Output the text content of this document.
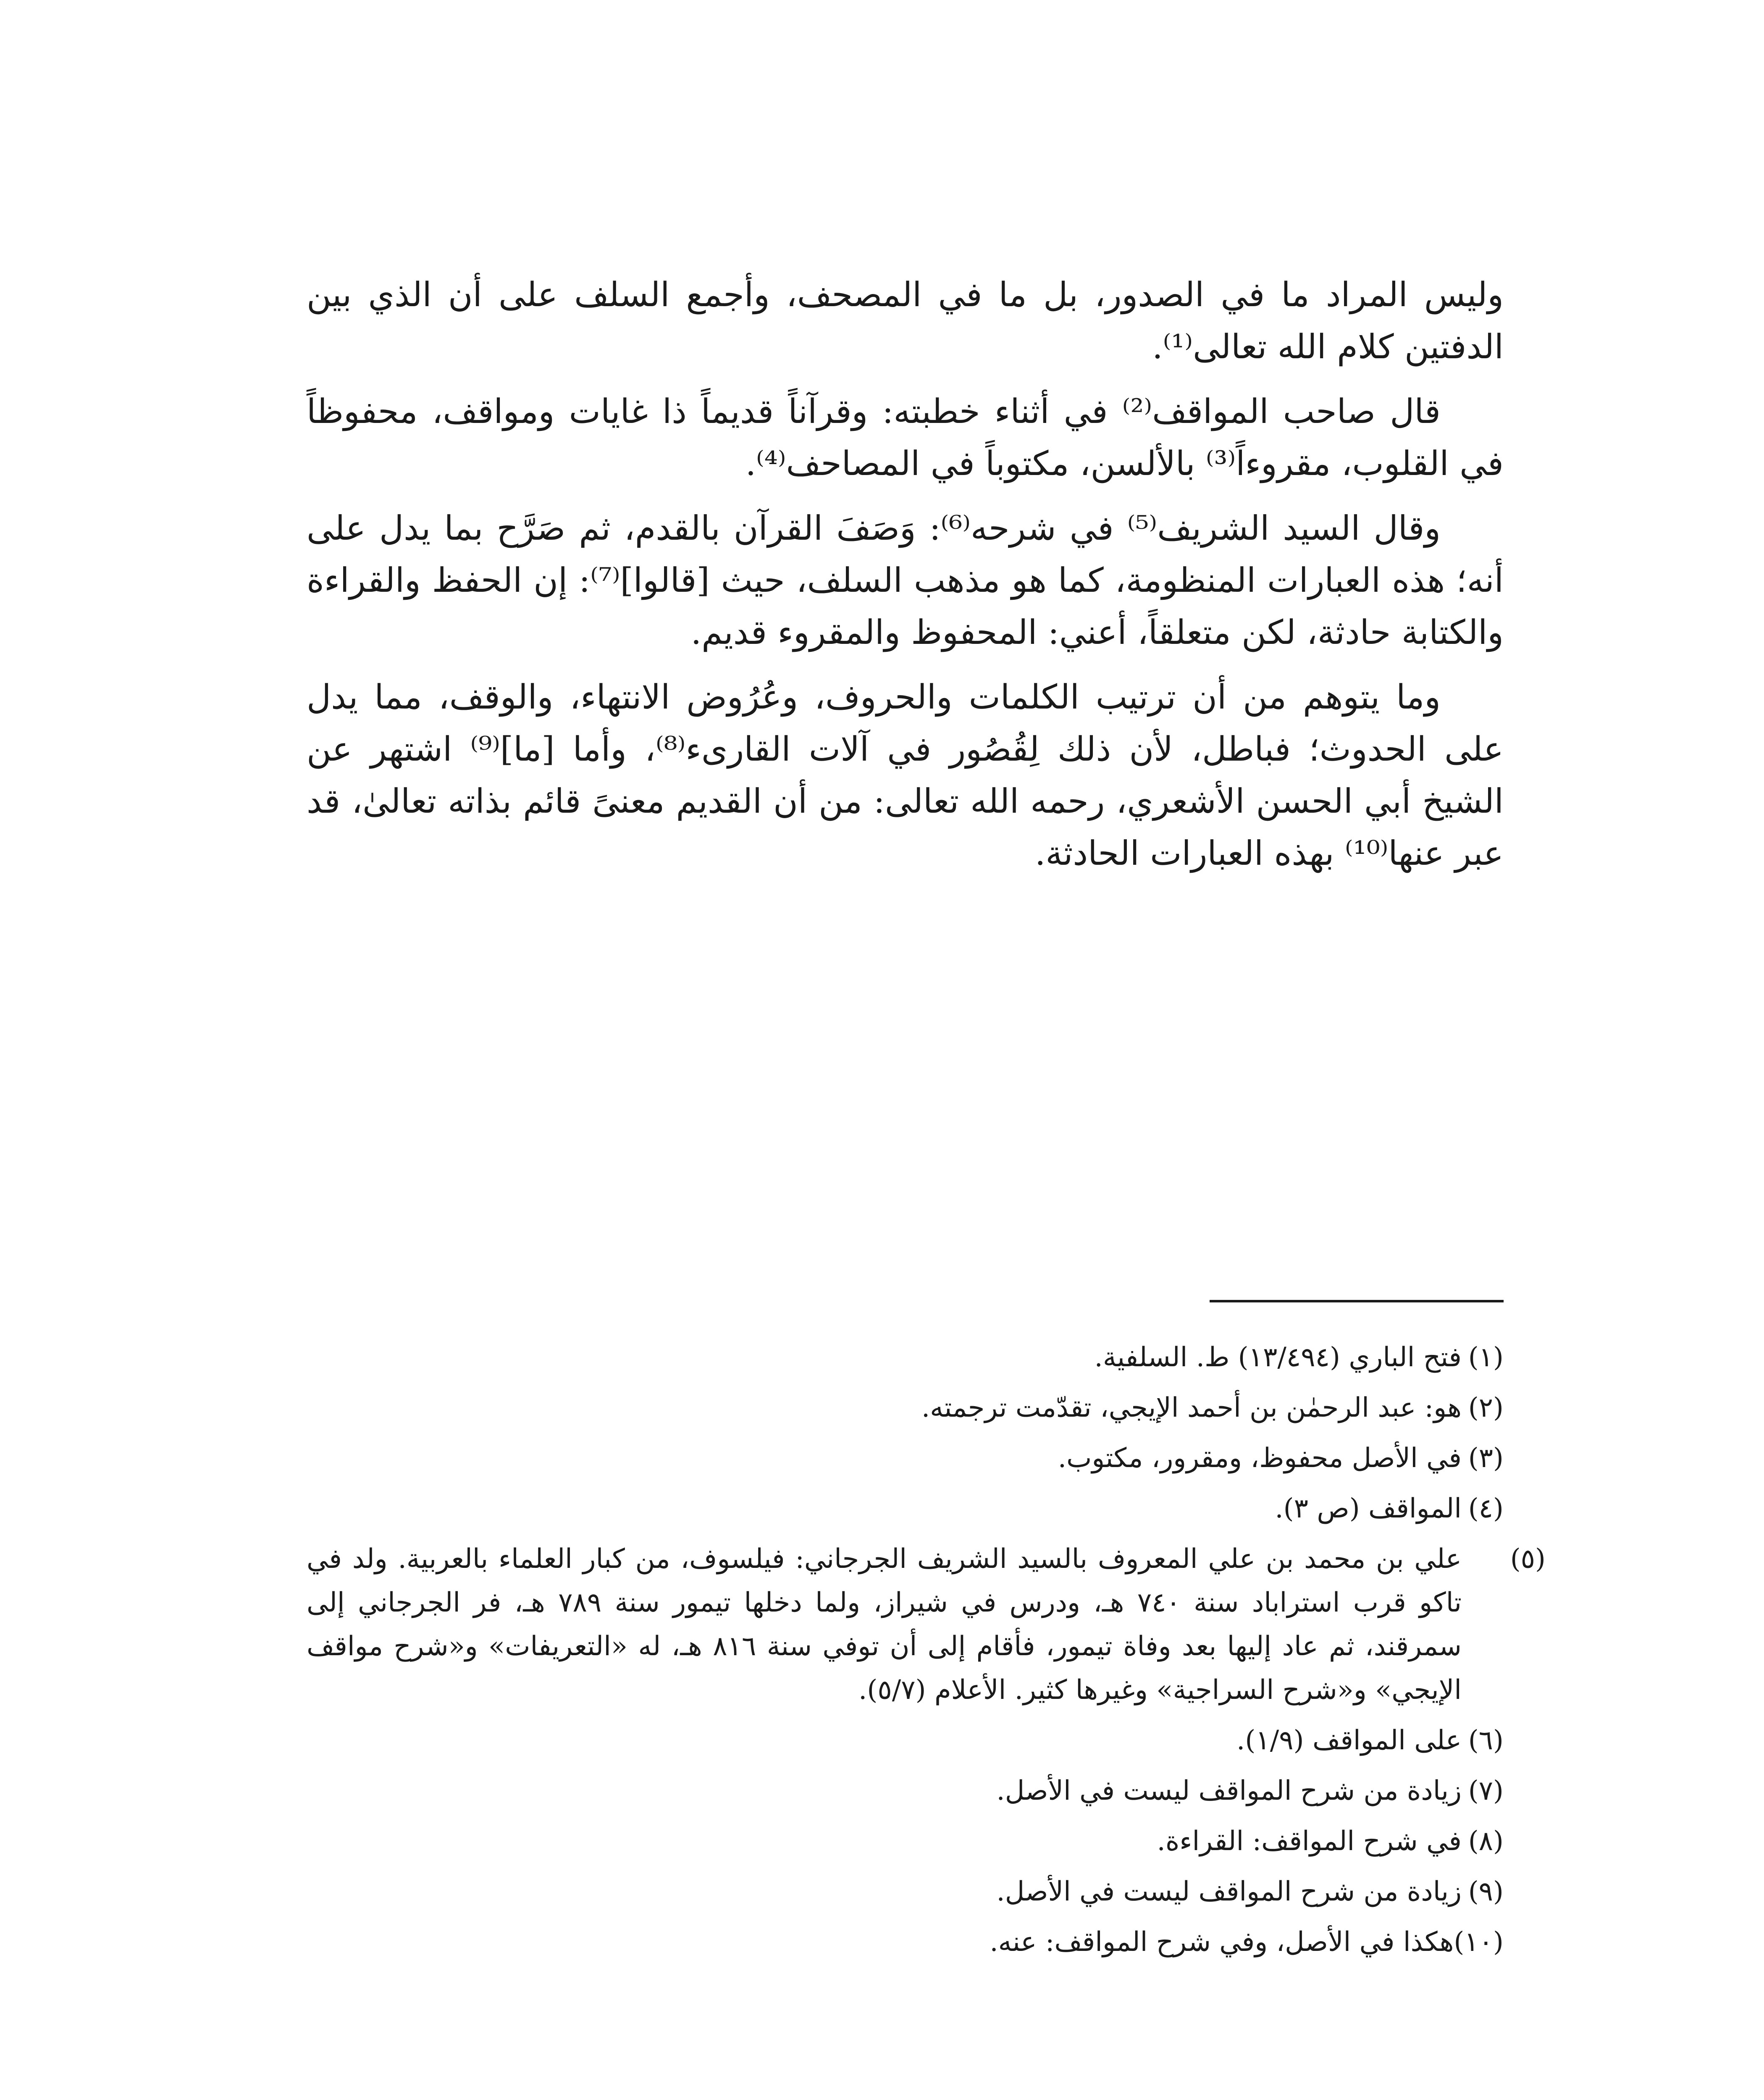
وليس المراد ما في الصدور، بل ما في المصحف، وأجمع السلف على أن الذي بين الدفتين كلام الله تعالى⁽¹⁾.

قال صاحب المواقف⁽²⁾ في أثناء خطبته: وقرآناً قديماً ذا غايات ومواقف، محفوظاً في القلوب، مقروءاً⁽³⁾ بالألسن، مكتوباً في المصاحف⁽⁴⁾.

وقال السيد الشريف⁽⁵⁾ في شرحه⁽⁶⁾: وَصَفَ القرآن بالقدم، ثم صَرَّح بما يدل على أنه؛ هذه العبارات المنظومة، كما هو مذهب السلف، حيث [قالوا]⁽⁷⁾: إن الحفظ والقراءة والكتابة حادثة، لكن متعلقاً، أعني: المحفوظ والمقروء قديم.

وما يتوهم من أن ترتيب الكلمات والحروف، وعُرُوض الانتهاء، والوقف، مما يدل على الحدوث؛ فباطل، لأن ذلك لِقُصُور في آلات القارىء⁽⁸⁾، وأما [ما]⁽⁹⁾ اشتهر عن الشيخ أبي الحسن الأشعري، رحمه الله تعالى: من أن القديم معنىً قائم بذاته تعالىٰ، قد عبر عنها⁽¹⁰⁾ بهذه العبارات الحادثة.

(١)فتح الباري (١٣/٤٩٤) ط. السلفية.
(٢)هو: عبد الرحمٰن بن أحمد الإيجي، تقدّمت ترجمته.
(٣)في الأصل محفوظ، ومقرور، مكتوب.
(٤)المواقف (ص ٣).
(٥)علي بن محمد بن علي المعروف بالسيد الشريف الجرجاني: فيلسوف، من كبار العلماء بالعربية. ولد في تاكو قرب استراباد سنة ٧٤٠ هـ، ودرس في شيراز، ولما دخلها تيمور سنة ٧٨٩ هـ، فر الجرجاني إلى سمرقند، ثم عاد إليها بعد وفاة تيمور، فأقام إلى أن توفي سنة ٨١٦ هـ، له «التعريفات» و«شرح مواقف الإيجي» و«شرح السراجية» وغيرها كثير. الأعلام (٥/٧).
(٦)على المواقف (١/٩).
(٧)زيادة من شرح المواقف ليست في الأصل.
(٨)في شرح المواقف: القراءة.
(٩)زيادة من شرح المواقف ليست في الأصل.
(١٠)هكذا في الأصل، وفي شرح المواقف: عنه.
